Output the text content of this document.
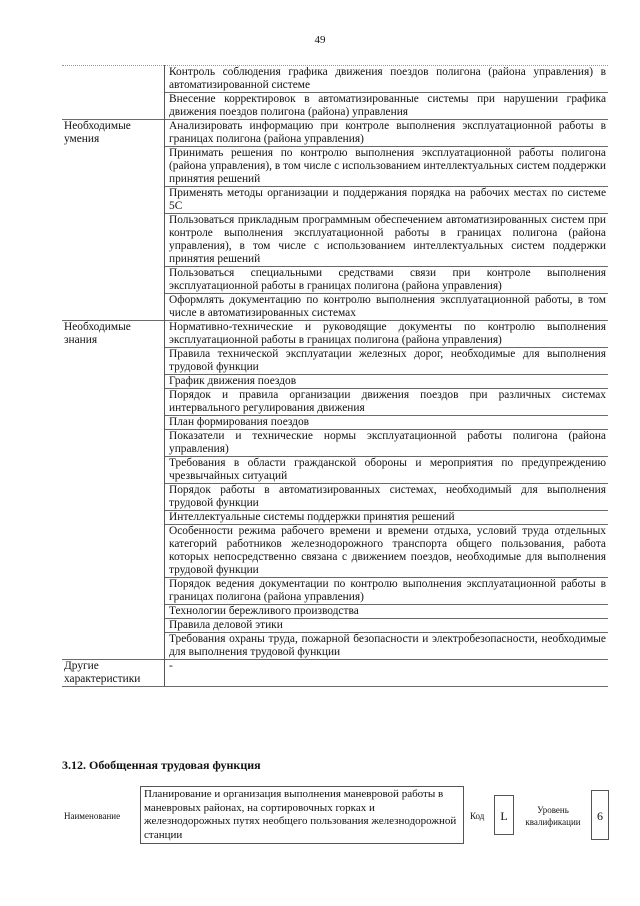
49
	Контроль соблюдения графика движения поездов полигона (района управления) в автоматизированной системе
	Внесение корректировок в автоматизированные системы при нарушении графика движения поездов полигона (района) управления
Необходимые умения	Анализировать информацию при контроле выполнения эксплуатационной работы в границах полигона (района управления)
	Принимать решения по контролю выполнения эксплуатационной работы полигона (района управления), в том числе с использованием интеллектуальных систем поддержки принятия решений
	Применять методы организации и поддержания порядка на рабочих местах по системе 5С
	Пользоваться прикладным программным обеспечением автоматизированных систем при контроле выполнения эксплуатационной работы в границах полигона (района управления), в том числе с использованием интеллектуальных систем поддержки принятия решений
	Пользоваться специальными средствами связи при контроле выполнения эксплуатационной работы в границах полигона (района управления)
	Оформлять документацию по контролю выполнения эксплуатационной работы, в том числе в автоматизированных системах
Необходимые знания	Нормативно-технические и руководящие документы по контролю выполнения эксплуатационной работы в границах полигона (района управления)
	Правила технической эксплуатации железных дорог, необходимые для выполнения трудовой функции
	График движения поездов
	Порядок и правила организации движения поездов при различных системах интервального регулирования движения
	План формирования поездов
	Показатели и технические нормы эксплуатационной работы полигона (района управления)
	Требования в области гражданской обороны и мероприятия по предупреждению чрезвычайных ситуаций
	Порядок работы в автоматизированных системах, необходимый для выполнения трудовой функции
	Интеллектуальные системы поддержки принятия решений
	Особенности режима рабочего времени и времени отдыха, условий труда отдельных категорий работников железнодорожного транспорта общего пользования, работа которых непосредственно связана с движением поездов, необходимые для выполнения трудовой функции
	Порядок ведения документации по контролю выполнения эксплуатационной работы в границах полигона (района управления)
	Технологии бережливого производства
	Правила деловой этики
	Требования охраны труда, пожарной безопасности и электробезопасности, необходимые для выполнения трудовой функции
Другие характеристики	-
3.12. Обобщенная трудовая функция
Наименование
Планирование и организация выполнения маневровой работы в маневровых районах, на сортировочных горках и железнодорожных путях необщего пользования железнодорожной станции
Код	L	Уровень квалификации	6
